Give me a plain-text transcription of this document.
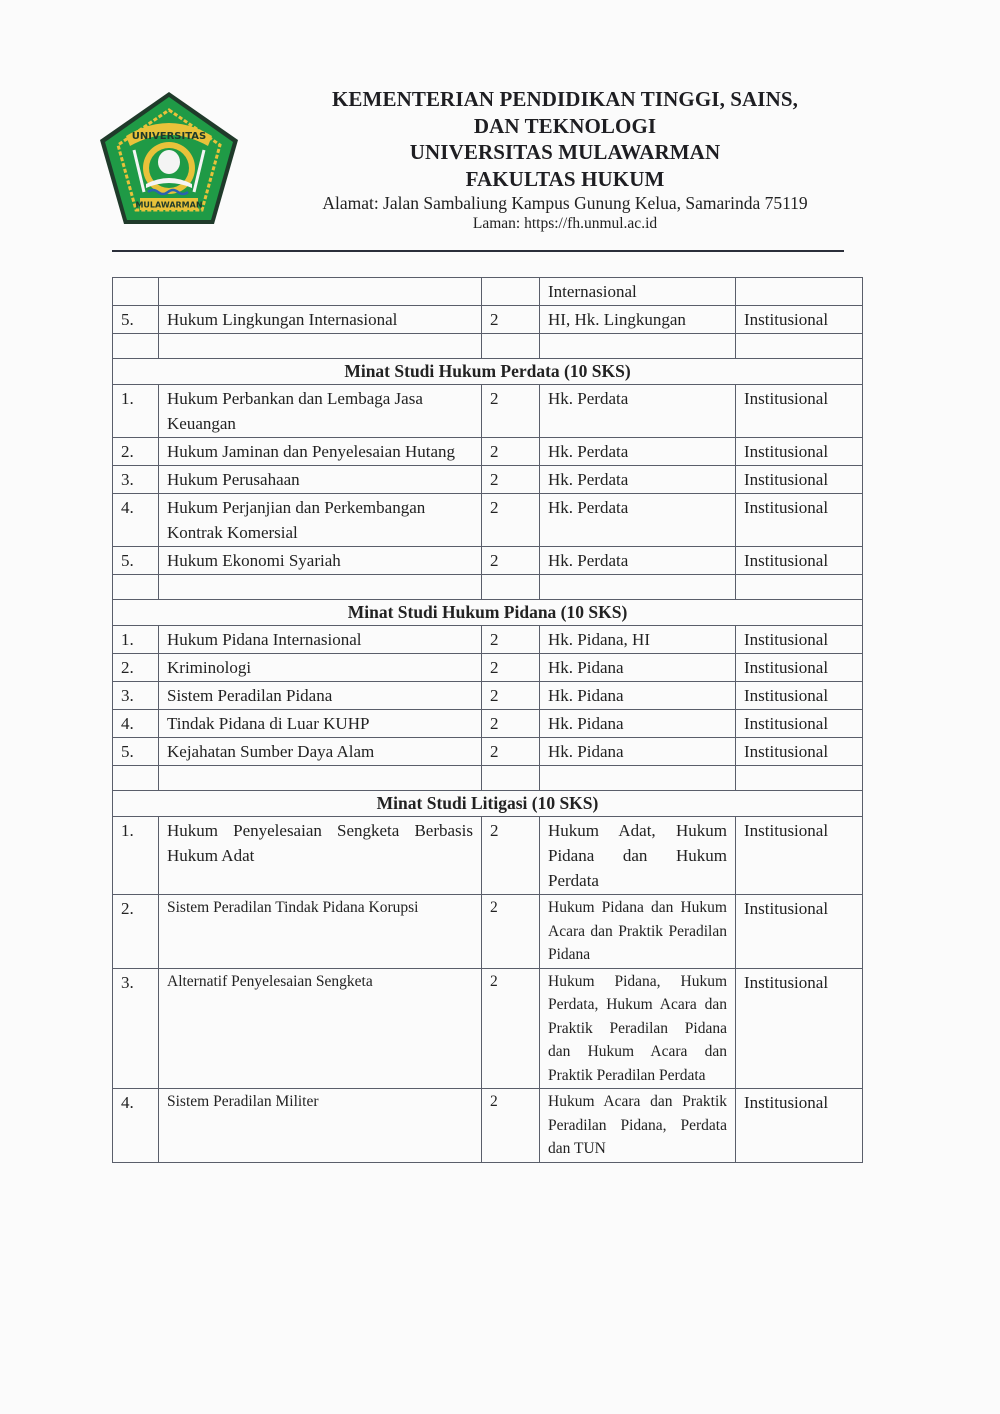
UNIVERSITAS
MULAWARMAN
KEMENTERIAN PENDIDIKAN TINGGI, SAINS,
DAN TEKNOLOGI
UNIVERSITAS MULAWARMAN
FAKULTAS HUKUM
Alamat: Jalan Sambaliung Kampus Gunung Kelua, Samarinda 75119
Laman: https://fh.unmul.ac.id
			Internasional	
5.	Hukum Lingkungan Internasional	2	HI, Hk. Lingkungan	Institusional

Minat Studi Hukum Perdata (10 SKS)				
1.	Hukum Perbankan dan Lembaga Jasa Keuangan	2	Hk. Perdata	Institusional
2.	Hukum Jaminan dan Penyelesaian Hutang	2	Hk. Perdata	Institusional
3.	Hukum Perusahaan	2	Hk. Perdata	Institusional
4.	Hukum Perjanjian dan Perkembangan Kontrak Komersial	2	Hk. Perdata	Institusional
5.	Hukum Ekonomi Syariah	2	Hk. Perdata	Institusional

Minat Studi Hukum Pidana (10 SKS)				
1.	Hukum Pidana Internasional	2	Hk. Pidana, HI	Institusional
2.	Kriminologi	2	Hk. Pidana	Institusional
3.	Sistem Peradilan Pidana	2	Hk. Pidana	Institusional
4.	Tindak Pidana di Luar KUHP	2	Hk. Pidana	Institusional
5.	Kejahatan Sumber Daya Alam	2	Hk. Pidana	Institusional

Minat Studi Litigasi (10 SKS)				
1.	Hukum Penyelesaian Sengketa Berbasis Hukum Adat	2	Hukum Adat, Hukum Pidana dan Hukum Perdata	Institusional
2.	Sistem Peradilan Tindak Pidana Korupsi	2	Hukum Pidana dan Hukum Acara dan Praktik Peradilan Pidana	Institusional
3.	Alternatif Penyelesaian Sengketa	2	Hukum Pidana, Hukum Perdata, Hukum Acara dan Praktik Peradilan Pidana dan Hukum Acara dan Praktik Peradilan Perdata	Institusional
4.	Sistem Peradilan Militer	2	Hukum Acara dan Praktik Peradilan Pidana, Perdata dan TUN	Institusional
